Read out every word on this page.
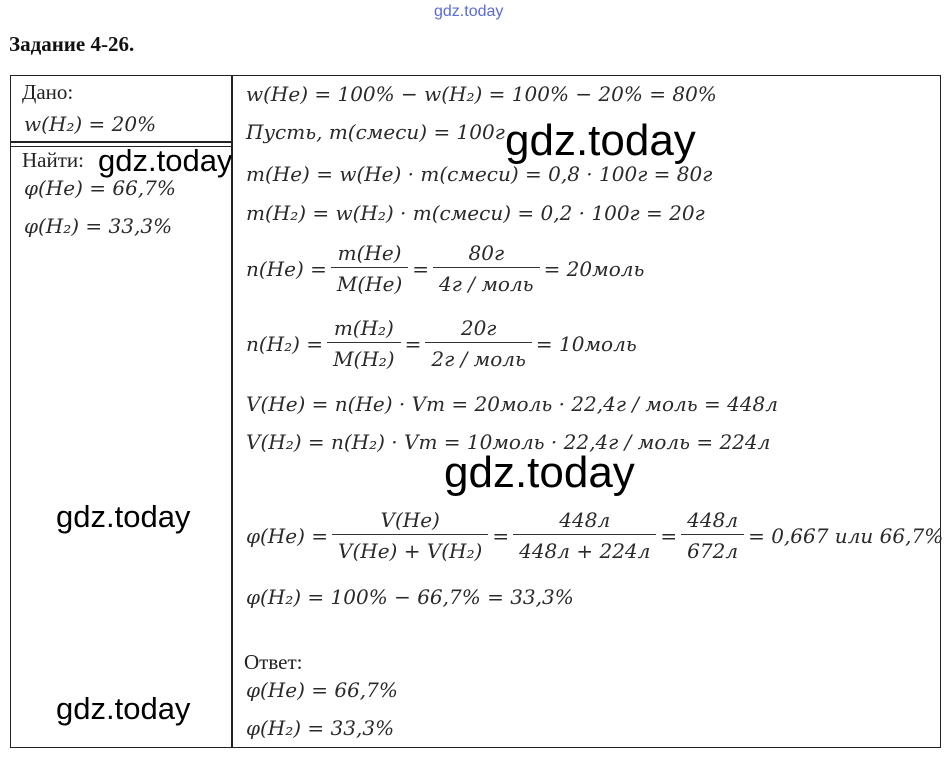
gdz.today
Задание 4-26.
Дано:
w(H₂) = 20%
Найти:
φ(He) = 66,7%
φ(H₂) = 33,3%
w(He) = 100% − w(H₂) = 100% − 20% = 80%
Пусть, m(смеси) = 100г
m(He) = w(He) · m(смеси) = 0,8 · 100г = 80г
m(H₂) = w(H₂) · m(смеси) = 0,2 · 100г = 20г
$n(He) = \frac{m(He)}{M(He)} = \frac{80г}{\text{4г / моль}}$ = 20моль
$n(H_2) = \frac{\text{m(H₂)}}{\text{M(H₂)}} = \frac{20г}{\text{2г / моль}}$ = 10моль
V(He) = n(He) · Vm = 20моль · 22,4г / моль = 448л
V(H₂) = n(H₂) · Vm = 10моль · 22,4г / моль = 224л
$\varphi(He) = \frac{V(He)}{\text{V(He) + V(H₂)}} = \frac{448л}{448л + 224л} = \frac{448л}{672л} = 0,667$ или 66,7%
φ(H₂) = 100% − 66,7% = 33,3%
Ответ:
φ(He) = 66,7%
φ(H₂) = 33,3%
gdz.today
gdz.today
gdz.today
gdz.today
gdz.today
